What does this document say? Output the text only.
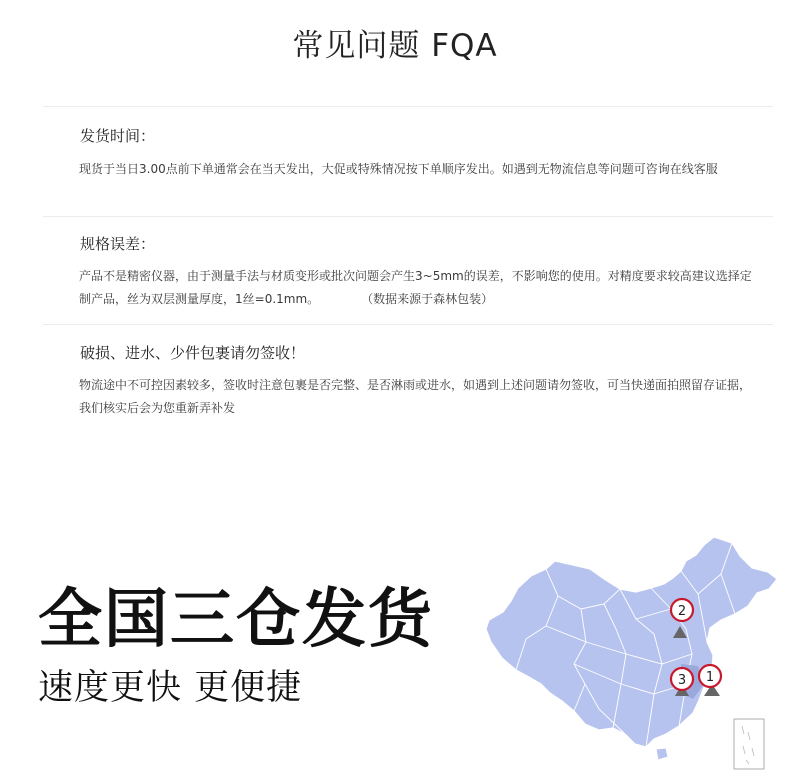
常见问题 FQA
发货时间：
现货于当日3.00点前下单通常会在当天发出，大促或特殊情况按下单顺序发出。如遇到无物流信息等问题可咨询在线客服
规格误差：
产品不是精密仪器，由于测量手法与材质变形或批次问题会产生3~5mm的误差，不影响您的使用。对精度要求较高建议选择定制产品，丝为双层测量厚度，1丝=0.1mm。	（数据来源于森林包装）
破损、进水、少件包裹请勿签收！
物流途中不可控因素较多，签收时注意包裹是否完整、是否淋雨或进水，如遇到上述问题请勿签收，可当快递面拍照留存证据，我们核实后会为您重新弄补发
全国三仓发货
速度更快 更便捷
2
1
3
